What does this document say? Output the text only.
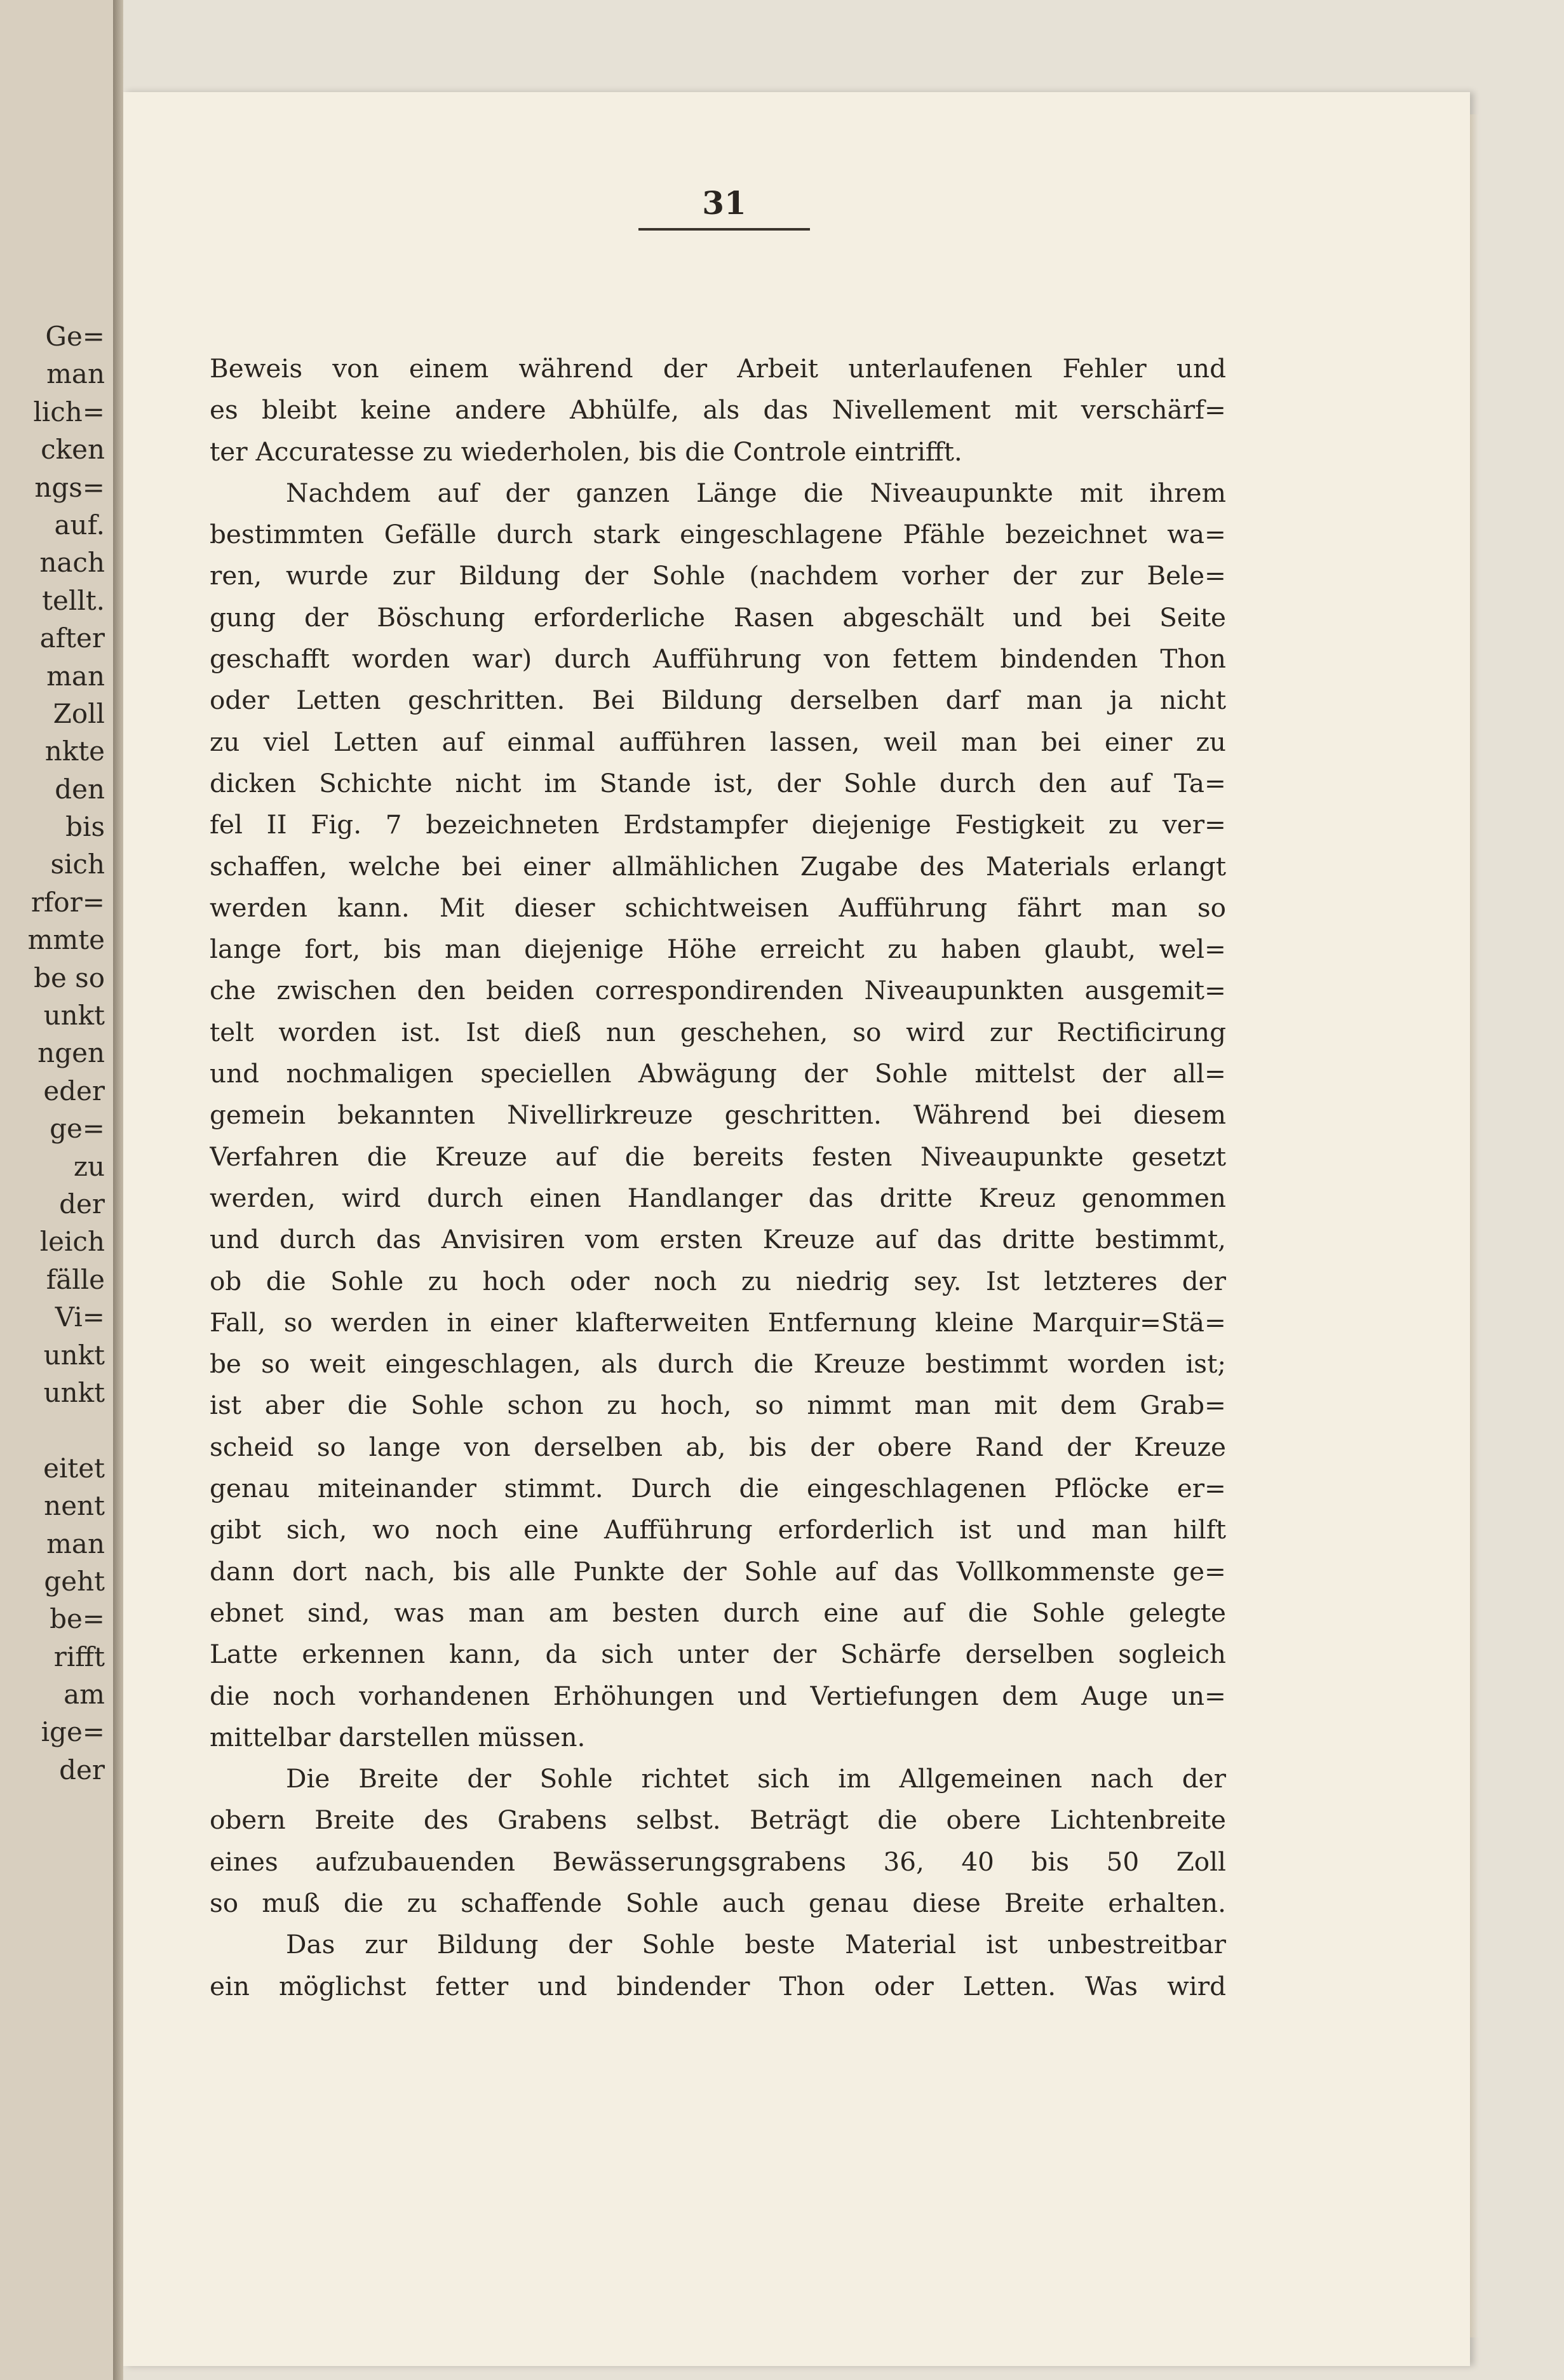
Ge=
man
lich=
cken
ngs=
auf.
nach
tellt.
after
man
Zoll
nkte
den
bis
sich
rfor=
mmte
be so
unkt
ngen
eder
ge=
zu
der
leich
fälle
Vi=
unkt
unkt
eitet
nent
man
geht
be=
rifft
am
ige=
der
31
Beweis von einem während der Arbeit unterlaufenen Fehler und
es bleibt keine andere Abhülfe, als das Nivellement mit verschärf=
ter Accuratesse zu wiederholen, bis die Controle eintrifft.
Nachdem auf der ganzen Länge die Niveaupunkte mit ihrem
bestimmten Gefälle durch stark eingeschlagene Pfähle bezeichnet wa=
ren, wurde zur Bildung der Sohle (nachdem vorher der zur Bele=
gung der Böschung erforderliche Rasen abgeschält und bei Seite
geschafft worden war) durch Aufführung von fettem bindenden Thon
oder Letten geschritten. Bei Bildung derselben darf man ja nicht
zu viel Letten auf einmal aufführen lassen, weil man bei einer zu
dicken Schichte nicht im Stande ist, der Sohle durch den auf Ta=
fel II Fig. 7 bezeichneten Erdstampfer diejenige Festigkeit zu ver=
schaffen, welche bei einer allmählichen Zugabe des Materials erlangt
werden kann. Mit dieser schichtweisen Aufführung fährt man so
lange fort, bis man diejenige Höhe erreicht zu haben glaubt, wel=
che zwischen den beiden correspondirenden Niveaupunkten ausgemit=
telt worden ist. Ist dieß nun geschehen, so wird zur Rectificirung
und nochmaligen speciellen Abwägung der Sohle mittelst der all=
gemein bekannten Nivellirkreuze geschritten. Während bei diesem
Verfahren die Kreuze auf die bereits festen Niveaupunkte gesetzt
werden, wird durch einen Handlanger das dritte Kreuz genommen
und durch das Anvisiren vom ersten Kreuze auf das dritte bestimmt,
ob die Sohle zu hoch oder noch zu niedrig sey. Ist letzteres der
Fall, so werden in einer klafterweiten Entfernung kleine Marquir=Stä=
be so weit eingeschlagen, als durch die Kreuze bestimmt worden ist;
ist aber die Sohle schon zu hoch, so nimmt man mit dem Grab=
scheid so lange von derselben ab, bis der obere Rand der Kreuze
genau miteinander stimmt. Durch die eingeschlagenen Pflöcke er=
gibt sich, wo noch eine Aufführung erforderlich ist und man hilft
dann dort nach, bis alle Punkte der Sohle auf das Vollkommenste ge=
ebnet sind, was man am besten durch eine auf die Sohle gelegte
Latte erkennen kann, da sich unter der Schärfe derselben sogleich
die noch vorhandenen Erhöhungen und Vertiefungen dem Auge un=
mittelbar darstellen müssen.
Die Breite der Sohle richtet sich im Allgemeinen nach der
obern Breite des Grabens selbst. Beträgt die obere Lichtenbreite
eines aufzubauenden Bewässerungsgrabens 36, 40 bis 50 Zoll
so muß die zu schaffende Sohle auch genau diese Breite erhalten.
Das zur Bildung der Sohle beste Material ist unbestreitbar
ein möglichst fetter und bindender Thon oder Letten. Was wird
